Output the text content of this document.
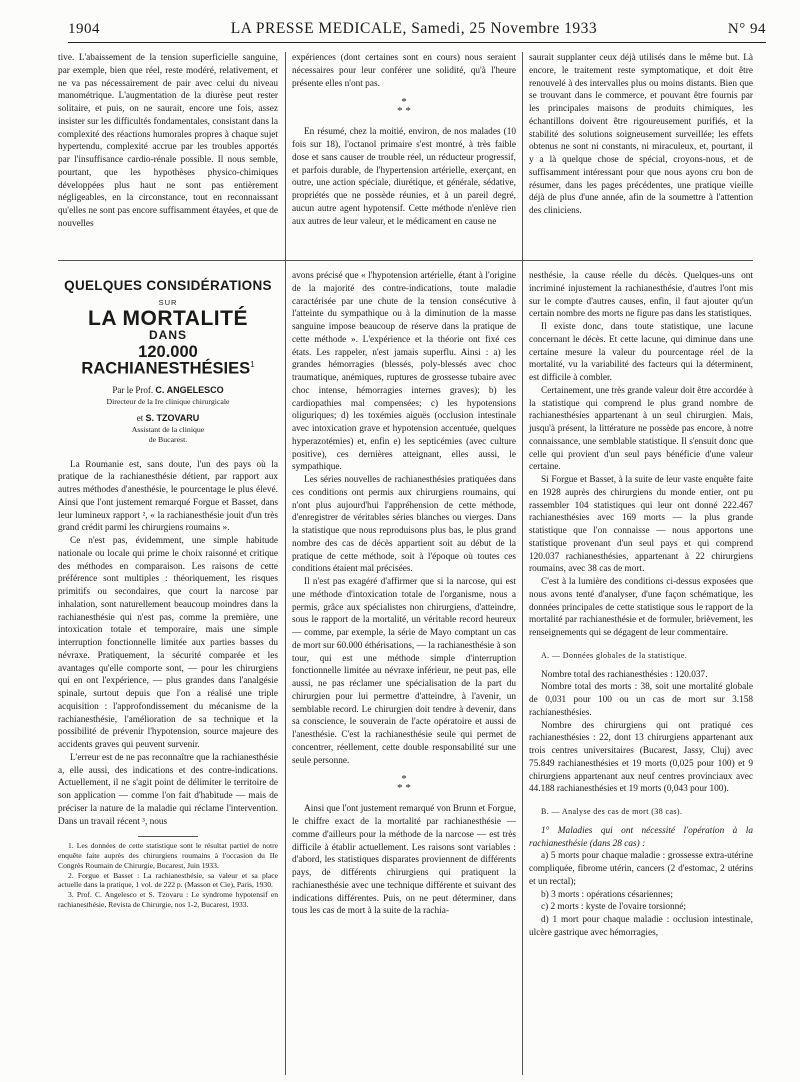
1904	LA PRESSE MEDICALE, Samedi, 25 Novembre 1933	N° 94

tive. L'abaissement de la tension superficielle sanguine, par exemple, bien que réel, reste modéré, relativement, et ne va pas nécessairement de pair avec celui du niveau manométrique. L'augmentation de la diurèse peut rester solitaire, et puis, on ne saurait, encore une fois, assez insister sur les difficultés fondamentales, consistant dans la complexité des réactions humorales propres à chaque sujet hypertendu, complexité accrue par les troubles apportés par l'insuffisance cardio-rénale possible. Il nous semble, pourtant, que les hypothèses physico-chimiques développées plus haut ne sont pas entièrement négligeables, en la circonstance, tout en reconnaissant qu'elles ne sont pas encore suffisamment étayées, et que de nouvelles

expériences (dont certaines sont en cours) nous seraient nécessaires pour leur conférer une solidité, qu'à l'heure présente elles n'ont pas.

*
* *

En résumé, chez la moitié, environ, de nos malades (10 fois sur 18), l'octanol primaire s'est montré, à très faible dose et sans causer de trouble réel, un réducteur progressif, et parfois durable, de l'hypertension artérielle, exerçant, en outre, une action spéciale, diurétique, et générale, sédative, propriétés que ne possède réunies, et à un pareil degré, aucun autre agent hypotensif. Cette méthode n'enlève rien aux autres de leur valeur, et le médicament en cause ne

saurait supplanter ceux déjà utilisés dans le même but. Là encore, le traitement reste symptomatique, et doit être renouvelé à des intervalles plus ou moins distants. Bien que se trouvant dans le commerce, et pouvant être fournis par les principales maisons de produits chimiques, les échantillons doivent être rigoureusement purifiés, et la stabilité des solutions soigneusement surveillée; les effets obtenus ne sont ni constants, ni miraculeux, et, pourtant, il y a là quelque chose de spécial, croyons-nous, et de suffisamment intéressant pour que nous ayons cru bon de résumer, dans les pages précédentes, une pratique vieille déjà de plus d'une année, afin de la soumettre à l'attention des cliniciens.

QUELQUES CONSIDÉRATIONS
SUR
LA MORTALITÉ
DANS
120.000 RACHIANESTHÉSIES$^1$
Par le Prof. C. ANGELESCO
Directeur de la Ire clinique chirurgicale
et S. TZOVARU
Assistant de la clinique
de Bucarest.

La Roumanie est, sans doute, l'un des pays où la pratique de la rachianesthésie détient, par rapport aux autres méthodes d'anesthésie, le pourcentage le plus élevé. Ainsi que l'ont justement remarqué Forgue et Basset, dans leur lumineux rapport ², « la rachianesthésie jouit d'un très grand crédit parmi les chirurgiens roumains ».

Ce n'est pas, évidemment, une simple habitude nationale ou locale qui prime le choix raisonné et critique des méthodes en comparaison. Les raisons de cette préférence sont multiples : théoriquement, les risques primitifs ou secondaires, que court la narcose par inhalation, sont naturellement beaucoup moindres dans la rachianesthésie qui n'est pas, comme la première, une intoxication totale et temporaire, mais une simple interruption fonctionnelle limitée aux parties basses du névraxe. Pratiquement, la sécurité comparée et les avantages qu'elle comporte sont, — pour les chirurgiens qui en ont l'expérience, — plus grandes dans l'analgésie spinale, surtout depuis que l'on a réalisé une triple acquisition : l'approfondissement du mécanisme de la rachianesthésie, l'amélioration de sa technique et la possibilité de prévenir l'hypotension, source majeure des accidents graves qui peuvent survenir.

L'erreur est de ne pas reconnaître que la rachianesthésie a, elle aussi, des indications et des contre-indications. Actuellement, il ne s'agit point de délimiter le territoire de son application — comme l'on fait d'habitude — mais de préciser la nature de la maladie qui réclame l'intervention. Dans un travail récent ³, nous

1. Les données de cette statistique sont le résultat partiel de notre enquête faite auprès des chirurgiens roumains à l'occasion du IIe Congrès Roumain de Chirurgie, Bucarest, Juin 1933.

2. Forgue et Basset : La rachianesthésie, sa valeur et sa place actuelle dans la pratique, 1 vol. de 222 p. (Masson et Cie), Paris, 1930.

3. Prof. C. Angelesco et S. Tzovaru : Le syndrome hypotensif en rachianesthésie, Revista de Chirurgie, nos 1-2, Bucarest, 1933.

avons précisé que « l'hypotension artérielle, étant à l'origine de la majorité des contre-indications, toute maladie caractérisée par une chute de la tension consécutive à l'atteinte du sympathique ou à la diminution de la masse sanguine impose beaucoup de réserve dans la pratique de cette méthode ». L'expérience et la théorie ont fixé ces états. Les rappeler, n'est jamais superflu. Ainsi : a) les grandes hémorragies (blessés, poly-blessés avec choc traumatique, anémiques, ruptures de grossesse tubaire avec choc intense, hémorragies internes graves); b) les cardiopathies mal compensées; c) les hypotensions oliguriques; d) les toxémies aiguës (occlusion intestinale avec intoxication grave et hypotension accentuée, quelques hyperazotémies) et, enfin e) les septicémies (avec culture positive), ces dernières atteignant, elles aussi, le sympathique.

Les séries nouvelles de rachianesthésies pratiquées dans ces conditions ont permis aux chirurgiens roumains, qui n'ont plus aujourd'hui l'appréhension de cette méthode, d'enregistrer de véritables séries blanches ou vierges. Dans la statistique que nous reproduisons plus bas, le plus grand nombre des cas de décès appartient soit au début de la pratique de cette méthode, soit à l'époque où toutes ces conditions étaient mal précisées.

Il n'est pas exagéré d'affirmer que si la narcose, qui est une méthode d'intoxication totale de l'organisme, nous a permis, grâce aux spécialistes non chirurgiens, d'atteindre, sous le rapport de la mortalité, un véritable record heureux — comme, par exemple, la série de Mayo comptant un cas de mort sur 60.000 éthérisations, — la rachianesthésie à son tour, qui est une méthode simple d'interruption fonctionnelle limitée au névraxe inférieur, ne peut pas, elle aussi, ne pas réclamer une spécialisation de la part du chirurgien pour lui permettre d'atteindre, à l'avenir, un semblable record. Le chirurgien doit tendre à devenir, dans sa conscience, le souverain de l'acte opératoire et aussi de l'anesthésie. C'est la rachianesthésie seule qui permet de concentrer, réellement, cette double responsabilité sur une seule personne.

*
* *

Ainsi que l'ont justement remarqué von Brunn et Forgue, le chiffre exact de la mortalité par rachianesthésie — comme d'ailleurs pour la méthode de la narcose — est très difficile à établir actuellement. Les raisons sont variables : d'abord, les statistiques disparates proviennent de différents pays, de différents chirurgiens qui pratiquent la rachianesthésie avec une technique différente et suivant des indications différentes. Puis, on ne peut déterminer, dans tous les cas de mort à la suite de la rachia-

nesthésie, la cause réelle du décès. Quelques-uns ont incriminé injustement la rachianesthésie, d'autres l'ont mis sur le compte d'autres causes, enfin, il faut ajouter qu'un certain nombre des morts ne figure pas dans les statistiques.

Il existe donc, dans toute statistique, une lacune concernant le décès. Et cette lacune, qui diminue dans une certaine mesure la valeur du pourcentage réel de la mortalité, vu la variabilité des facteurs qui la déterminent, est difficile à combler.

Certainement, une très grande valeur doit être accordée à la statistique qui comprend le plus grand nombre de rachianesthésies appartenant à un seul chirurgien. Mais, jusqu'à présent, la littérature ne possède pas encore, à notre connaissance, une semblable statistique. Il s'ensuit donc que celle qui provient d'un seul pays bénéficie d'une valeur certaine.

Si Forgue et Basset, à la suite de leur vaste enquête faite en 1928 auprès des chirurgiens du monde entier, ont pu rassembler 104 statistiques qui leur ont donné 222.467 rachianesthésies avec 169 morts — la plus grande statistique que l'on connaisse — nous apportons une statistique provenant d'un seul pays et qui comprend 120.037 rachianesthésies, appartenant à 22 chirurgiens roumains, avec 38 cas de mort.

C'est à la lumière des conditions ci-dessus exposées que nous avons tenté d'analyser, d'une façon schématique, les données principales de cette statistique sous le rapport de la mortalité par rachianesthésie et de formuler, brièvement, les renseignements qui se dégagent de leur commentaire.

A. — Données globales de la statistique.

Nombre total des rachianesthésies : 120.037.

Nombre total des morts : 38, soit une mortalité globale de 0,031 pour 100 ou un cas de mort sur 3.158 rachianesthésies.

Nombre des chirurgiens qui ont pratiqué ces rachianesthésies : 22, dont 13 chirurgiens appartenant aux trois centres universitaires (Bucarest, Jassy, Cluj) avec 75.849 rachianesthésies et 19 morts (0,025 pour 100) et 9 chirurgiens appartenant aux neuf centres provinciaux avec 44.188 rachianesthésies et 19 morts (0,043 pour 100).

B. — Analyse des cas de mort (38 cas).

1° Maladies qui ont nécessité l'opération à la rachianesthésie (dans 28 cas) :

a) 5 morts pour chaque maladie : grossesse extra-utérine compliquée, fibrome utérin, cancers (2 d'estomac, 2 utérins et un rectal);

b) 3 morts : opérations césariennes;

c) 2 morts : kyste de l'ovaire torsionné;

d) 1 mort pour chaque maladie : occlusion intestinale, ulcère gastrique avec hémorragies,
